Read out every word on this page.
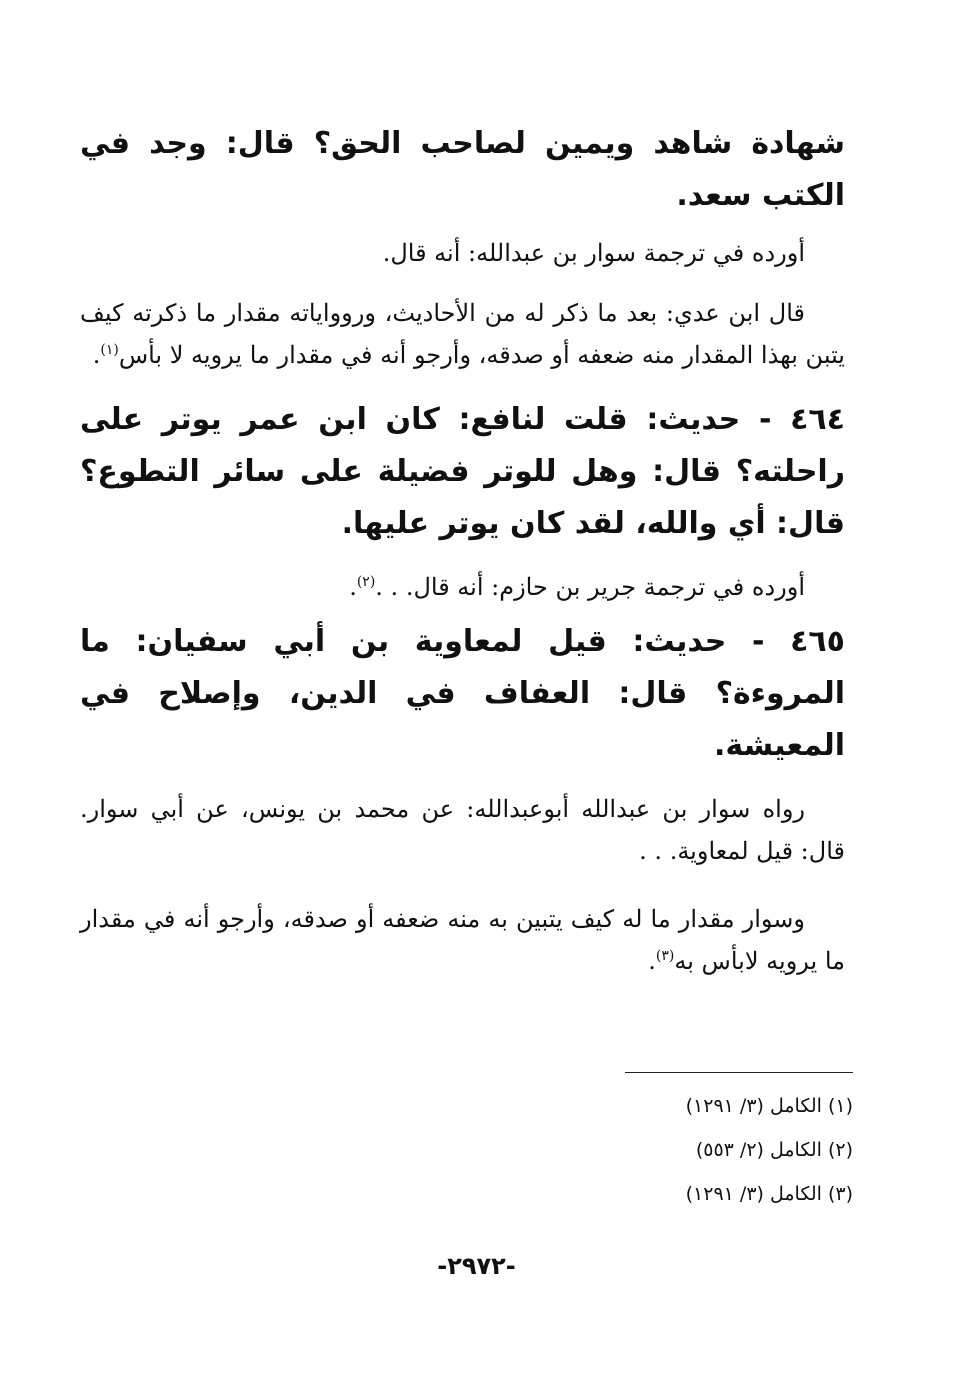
شهادة شاهد ويمين لصاحب الحق؟ قال: وجد في الكتب سعد.

أورده في ترجمة سوار بن عبدالله: أنه قال.

قال ابن عدي: بعد ما ذكر له من الأحاديث، وروواياته مقدار ما ذكرته كيف يتبن بهذا المقدار منه ضعفه أو صدقه، وأرجو أنه في مقدار ما يرويه لا بأس$^{(١)}$.

٤٦٤ - حديث: قلت لنافع: كان ابن عمر يوتر على راحلته؟ قال: وهل للوتر فضيلة على سائر التطوع؟ قال: أي والله، لقد كان يوتر عليها.

أورده في ترجمة جرير بن حازم: أنه قال. . .$^{(٢)}$.

٤٦٥ - حديث: قيل لمعاوية بن أبي سفيان: ما المروءة؟ قال: العفاف في الدين، وإصلاح في المعيشة.

رواه سوار بن عبدالله أبوعبدالله: عن محمد بن يونس، عن أبي سوار. قال: قيل لمعاوية. . .

وسوار مقدار ما له كيف يتبين به منه ضعفه أو صدقه، وأرجو أنه في مقدار ما يرويه لابأس به$^{(٣)}$.

(١) الكامل (٣/ ١٢٩١)
(٢) الكامل (٢/ ٥٥٣)
(٣) الكامل (٣/ ١٢٩١)
-٢٩٧٢-
